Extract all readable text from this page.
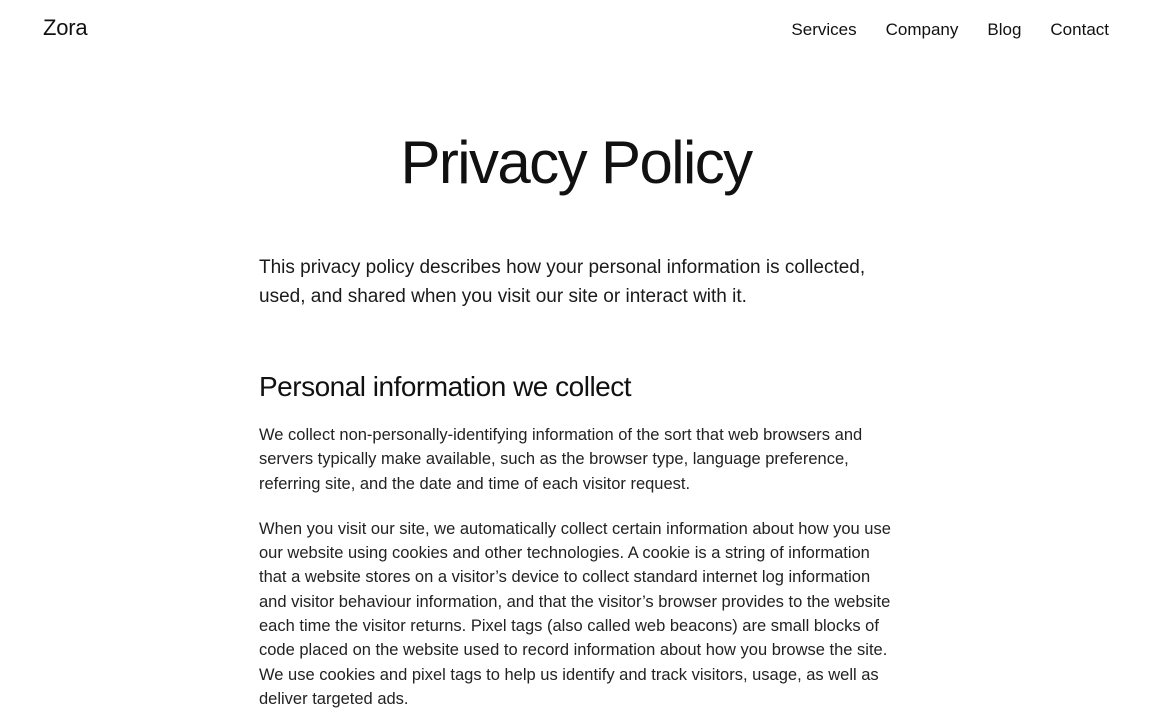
Zora	Services Company Blog Contact
Privacy Policy

This privacy policy describes how your personal information is collected, used, and shared when you visit our site or interact with it.

Personal information we collect

We collect non-personally-identifying information of the sort that web browsers and servers typically make available, such as the browser type, language preference, referring site, and the date and time of each visitor request.

When you visit our site, we automatically collect certain information about how you use our website using cookies and other technologies. A cookie is a string of information that a website stores on a visitor’s device to collect standard internet log information and visitor behaviour information, and that the visitor’s browser provides to the website each time the visitor returns. Pixel tags (also called web beacons) are small blocks of code placed on the website used to record information about how you browse the site. We use cookies and pixel tags to help us identify and track visitors, usage, as well as deliver targeted ads.
